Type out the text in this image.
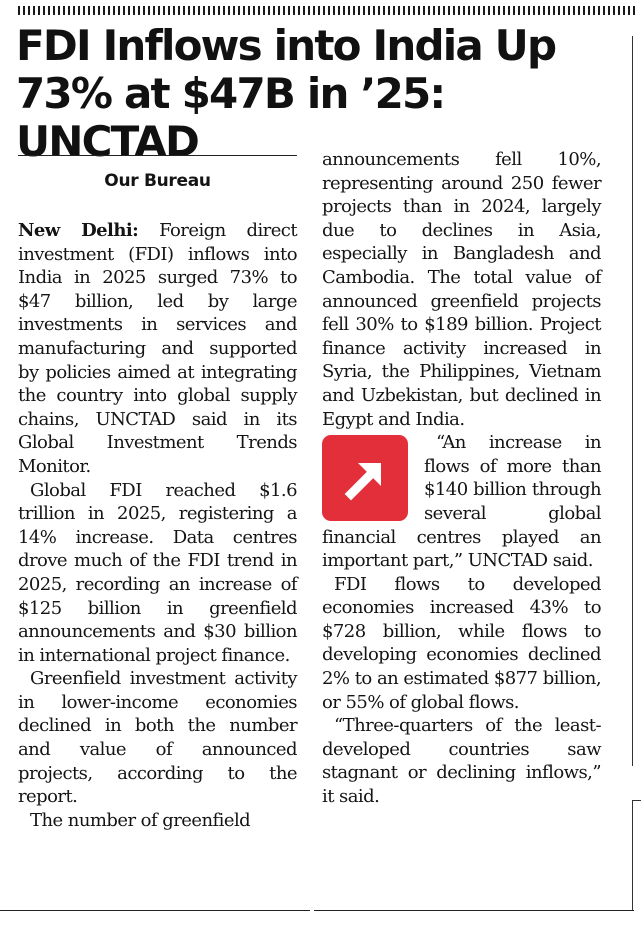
FDI Inflows into India Up 73% at $47B in ’25: UNCTAD
Our Bureau

New Delhi: Foreign direct investment (FDI) inflows into India in 2025 surged 73% to $47 billion, led by large investments in services and manufacturing and supported by policies aimed at integrating the country into global supply chains, UNCTAD said in its Global Investment Trends Monitor.

Global FDI reached $1.6 trillion in 2025, registering a 14% increase. Data centres drove much of the FDI trend in 2025, recording an increase of $125 billion in greenfield announcements and $30 billion in international project finance.

Greenfield investment activity in lower-income economies declined in both the number and value of announced projects, according to the report.

The number of greenfield

announcements fell 10%, representing around 250 fewer projects than in 2024, largely due to declines in Asia, especially in Bangladesh and Cambodia. The total value of announced greenfield projects fell 30% to $189 billion. Project finance activity increased in Syria, the Philippines, Vietnam and Uzbekistan, but declined in Egypt and India.

“An increase in flows of more than $140 billion through several global financial centres played an important part,” UNCTAD said.

FDI flows to developed economies increased 43% to $728 billion, while flows to developing economies declined 2% to an estimated $877 billion, or 55% of global flows.

“Three-quarters of the least-developed countries saw stagnant or declining inflows,” it said.
